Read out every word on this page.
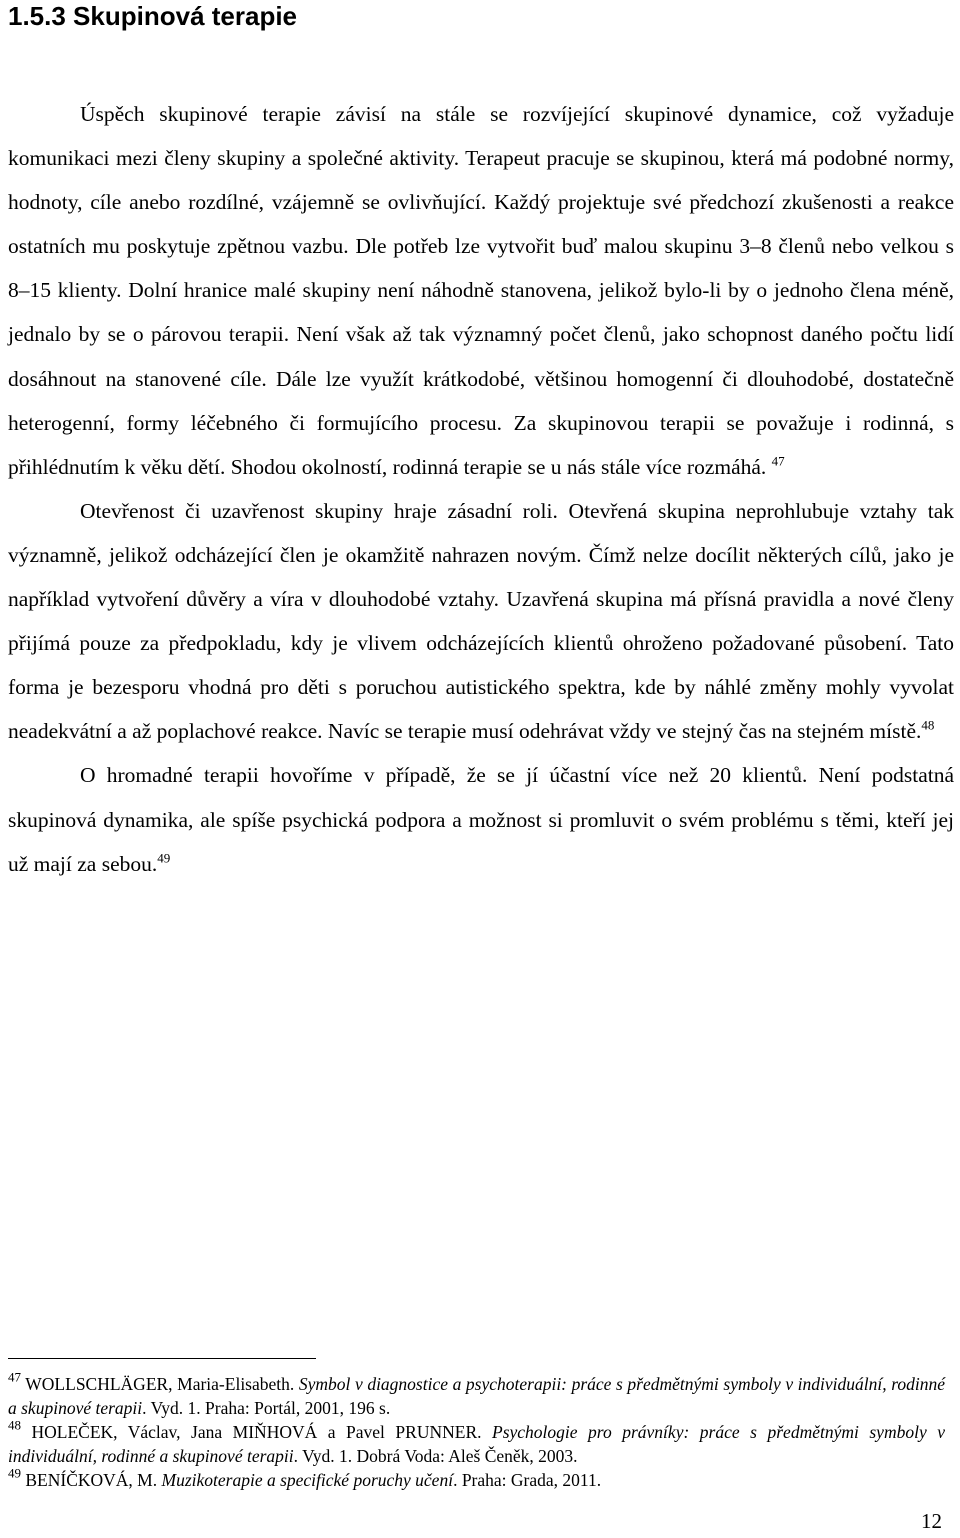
1.5.3 Skupinová terapie

Úspěch skupinové terapie závisí na stále se rozvíjející skupinové dynamice, což vyžaduje komunikaci mezi členy skupiny a společné aktivity. Terapeut pracuje se skupinou, která má podobné normy, hodnoty, cíle anebo rozdílné, vzájemně se ovlivňující. Každý projektuje své předchozí zkušenosti a reakce ostatních mu poskytuje zpětnou vazbu. Dle potřeb lze vytvořit buď malou skupinu 3–8 členů nebo velkou s 8–15 klienty. Dolní hranice malé skupiny není náhodně stanovena, jelikož bylo-li by o jednoho člena méně, jednalo by se o párovou terapii. Není však až tak významný počet členů, jako schopnost daného počtu lidí dosáhnout na stanovené cíle. Dále lze využít krátkodobé, většinou homogenní či dlouhodobé, dostatečně heterogenní, formy léčebného či formujícího procesu. Za skupinovou terapii se považuje i rodinná, s přihlédnutím k věku dětí. Shodou okolností, rodinná terapie se u nás stále více rozmáhá. $^{47}$

Otevřenost či uzavřenost skupiny hraje zásadní roli. Otevřená skupina neprohlubuje vztahy tak významně, jelikož odcházející člen je okamžitě nahrazen novým. Čímž nelze docílit některých cílů, jako je například vytvoření důvěry a víra v dlouhodobé vztahy. Uzavřená skupina má přísná pravidla a nové členy přijímá pouze za předpokladu, kdy je vlivem odcházejících klientů ohroženo požadované působení. Tato forma je bezesporu vhodná pro děti s poruchou autistického spektra, kde by náhlé změny mohly vyvolat neadekvátní a až poplachové reakce. Navíc se terapie musí odehrávat vždy ve stejný čas na stejném místě.$^{48}$

O hromadné terapii hovoříme v případě, že se jí účastní více než 20 klientů. Není podstatná skupinová dynamika, ale spíše psychická podpora a možnost si promluvit o svém problému s těmi, kteří jej už mají za sebou.$^{49}$

$^{47}$ WOLLSCHLÄGER, Maria-Elisabeth. Symbol v diagnostice a psychoterapii: práce s předmětnými symboly v individuální, rodinné a skupinové terapii. Vyd. 1. Praha: Portál, 2001, 196 s.

$^{48}$ HOLEČEK, Václav, Jana MIŇHOVÁ a Pavel PRUNNER. Psychologie pro právníky: práce s předmětnými symboly v individuální, rodinné a skupinové terapii. Vyd. 1. Dobrá Voda: Aleš Čeněk, 2003.

$^{49}$ BENÍČKOVÁ, M. Muzikoterapie a specifické poruchy učení. Praha: Grada, 2011.

12
